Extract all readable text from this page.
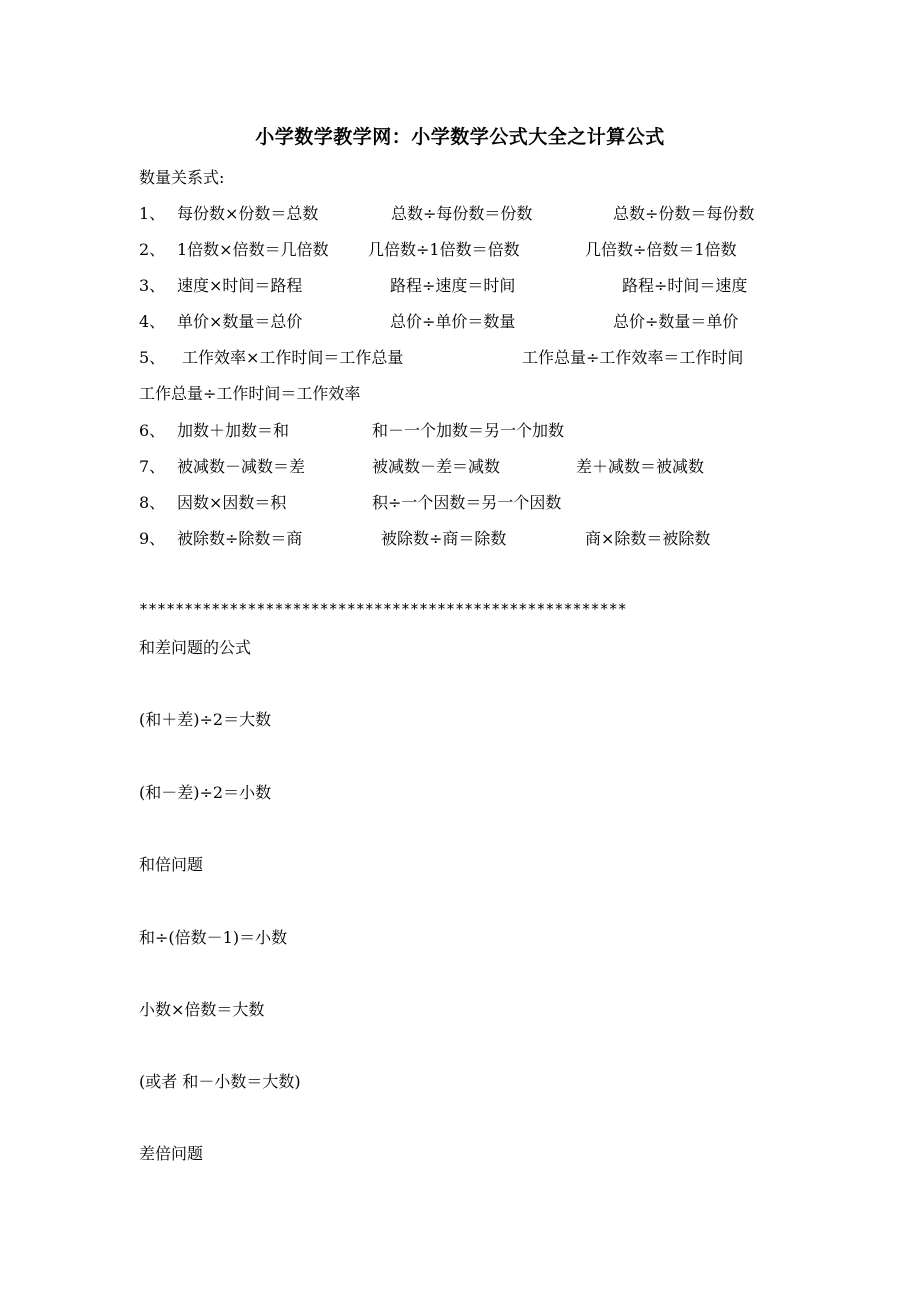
小学数学教学网：小学数学公式大全之计算公式
数量关系式:
1、 每份数×份数＝总数	总数÷每份数＝份数	总数÷份数＝每份数
2、 1倍数×倍数＝几倍数 几倍数÷1倍数＝倍数	几倍数÷倍数＝1倍数
3、 速度×时间＝路程	路程÷速度＝时间	路程÷时间＝速度
4、 单价×数量＝总价	总价÷单价＝数量	总价÷数量＝单价
5、 工作效率×工作时间＝工作总量	工作总量÷工作效率＝工作时间
工作总量÷工作时间＝工作效率
6、 加数＋加数＝和	和－一个加数＝另一个加数
7、 被减数－减数＝差	被减数－差＝减数	差＋减数＝被减数
8、 因数×因数＝积	积÷一个因数＝另一个因数
9、 被除数÷除数＝商	被除数÷商＝除数	商×除数＝被除数
******************************************************
和差问题的公式
(和＋差)÷2＝大数
(和－差)÷2＝小数
和倍问题
和÷(倍数－1)＝小数
小数×倍数＝大数
(或者 和－小数＝大数)
差倍问题
